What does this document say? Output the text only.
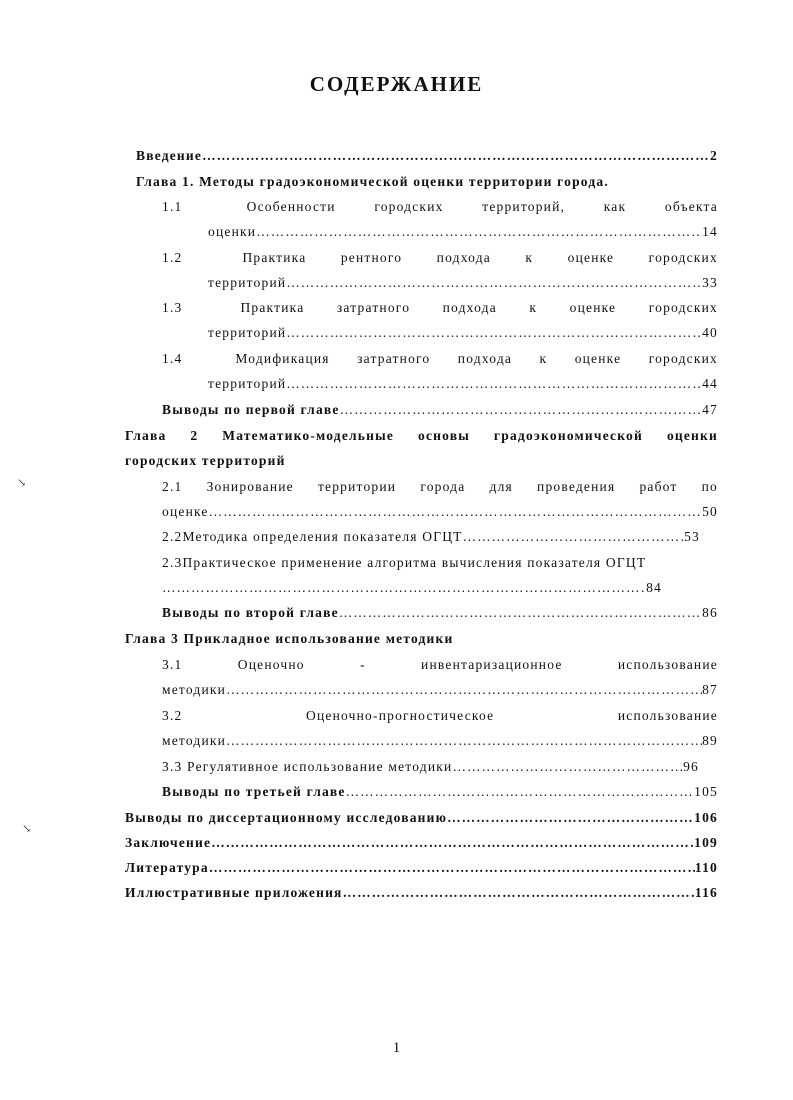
СОДЕРЖАНИЕ
Введение ……………………………………………………………………………………………………………………………………………………………………………………………………………………………………	2
Глава 1. Методы градоэкономической оценки территории города.
1.1	Особенности	городских	территорий,	как	объекта
оценки ……………………………………………………………………………………………………………………………………………………………………………………………………………………………………	14
1.2	Практика	рентного	подхода	к	оценке	городских
территорий ……………………………………………………………………………………………………………………………………………………………………………………………………………………………………	33
1.3	Практика затратного подхода к оценке городских
территорий ……………………………………………………………………………………………………………………………………………………………………………………………………………………………………	40
1.4	Модификация затратного подхода к оценке городских
территорий ……………………………………………………………………………………………………………………………………………………………………………………………………………………………………	44
Выводы по первой главе ……………………………………………………………………………………………………………………………………………………………………………………………………………………………………	47
Глава 2 Математико-модельные основы градоэкономической оценки
городских территорий
2.1 Зонирование территории города для проведения работ по
оценке ……………………………………………………………………………………………………………………………………………………………………………………………………………………………………	50
2.2Методика определения показателя ОГЦТ ……………………………………………………………………………………………………………………………………………………………………………………………………………………………………	53
2.3Практическое применение алгоритма вычисления показателя ОГЦТ
……………………………………………………………………………………………………………………………………………………………………………………………………………………………………
84
Выводы по второй главе ……………………………………………………………………………………………………………………………………………………………………………………………………………………………………	86
Глава 3 Прикладное использование методики
3.1	Оценочно	-	инвентаризационное	использование
методики ……………………………………………………………………………………………………………………………………………………………………………………………………………………………………	87
3.2	Оценочно-прогностическое	использование
методики ……………………………………………………………………………………………………………………………………………………………………………………………………………………………………	89
3.3 Регулятивное использование методики ……………………………………………………………………………………………………………………………………………………………………………………………………………………………………	96
Выводы по третьей главе ……………………………………………………………………………………………………………………………………………………………………………………………………………………………………	105
Выводы по диссертационному исследованию ……………………………………………………………………………………………………………………………………………………………………………………………………………………………………	106
Заключение ……………………………………………………………………………………………………………………………………………………………………………………………………………………………………	109
Литература ……………………………………………………………………………………………………………………………………………………………………………………………………………………………………	110
Иллюстративные приложения ……………………………………………………………………………………………………………………………………………………………………………………………………………………………………	116
↘
↘
1
